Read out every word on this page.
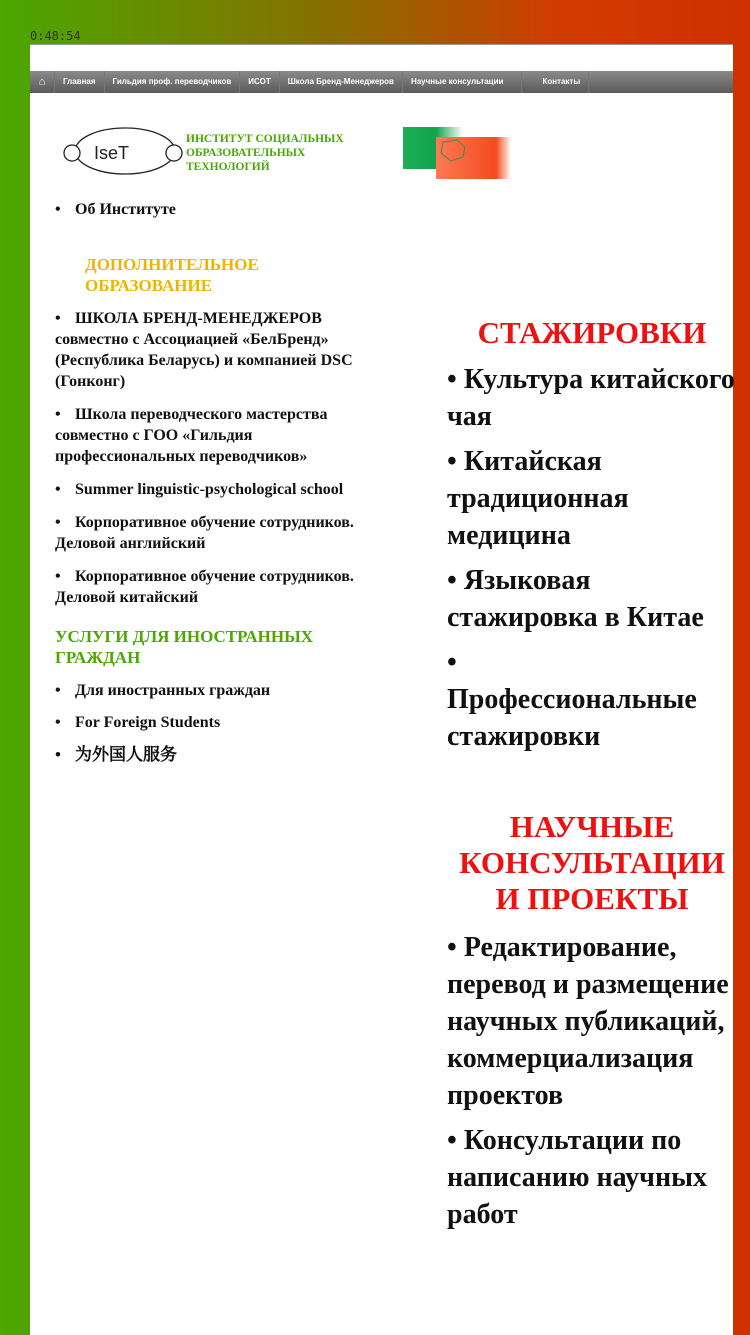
0:48:54
⌂	Главная	Гильдия проф. переводчиков	ИСОТ	Школа Бренд-Менеджеров	Научные консультации	Контакты
IseT
ИНСТИТУТ СОЦИАЛЬНЫХ
ОБРАЗОВАТЕЛЬНЫХ
ТЕХНОЛОГИЙ

• Об Институте

ДОПОЛНИТЕЛЬНОЕ
ОБРАЗОВАНИЕ

• ШКОЛА БРЕНД-МЕНЕДЖЕРОВ совместно с Ассоциацией «БелБренд» (Республика Беларусь) и компанией DSC (Гонконг)

• Школа переводческого мастерства совместно с ГОО «Гильдия профессиональных переводчиков»

• Summer linguistic-psychological school

• Корпоративное обучение сотрудников. Деловой английский

• Корпоративное обучение сотрудников. Деловой китайский

УСЛУГИ ДЛЯ ИНОСТРАННЫХ
ГРАЖДАН

• Для иностранных граждан

• For Foreign Students

• 为外国人服务

СТАЖИРОВКИ
• Культура китайского чая
• Китайская традиционная медицина
• Языковая стажировка в Китае
•
Профессиональные стажировки
НАУЧНЫЕ
КОНСУЛЬТАЦИИ
И ПРОЕКТЫ
• Редактирование, перевод и размещение научных публикаций, коммерциализация проектов
• Консультации по написанию научных работ
